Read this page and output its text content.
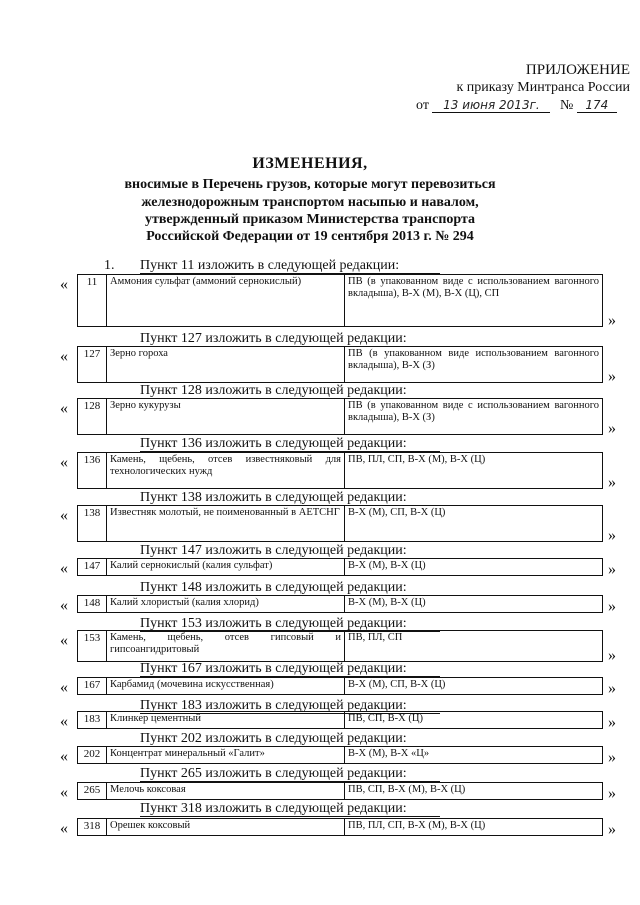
ПРИЛОЖЕНИЕ
к приказу Минтранса России
от 13 июня 2013г. № 174
ИЗМЕНЕНИЯ,
вносимые в Перечень грузов, которые могут перевозиться
железнодорожным транспортом насыпью и навалом,
утвержденный приказом Министерства транспорта
Российской Федерации от 19 сентября 2013 г. № 294
1. Пункт 11 изложить в следующей редакции:
« 11	Аммония сульфат (аммоний сернокислый)	ПВ (в упакованном виде с использованием вагонного вкладыша), В-Х (М), В-Х (Ц), СП
»
Пункт 127 изложить в следующей редакции:
« 127	Зерно гороха	ПВ (в упакованном виде использованием вагонного вкладыша), В-Х (З)
»
Пункт 128 изложить в следующей редакции:
« 128	Зерно кукурузы	ПВ (в упакованном виде с использованием вагонного вкладыша), В-Х (З)
»
Пункт 136 изложить в следующей редакции:
« 136	Камень, щебень, отсев известняковый для технологических нужд	ПВ, ПЛ, СП, В-Х (М), В-Х (Ц)
»
Пункт 138 изложить в следующей редакции:
« 138	Известняк молотый, не поименованный в АЕТСНГ	В-Х (М), СП, В-Х (Ц)
»
Пункт 147 изложить в следующей редакции:
« 147	Калий сернокислый (калия сульфат)	В-Х (М), В-Х (Ц)	»
Пункт 148 изложить в следующей редакции:
« 148	Калий хлористый (калия хлорид)	В-Х (М), В-Х (Ц)	»
Пункт 153 изложить в следующей редакции:
« 153	Камень, щебень, отсев гипсовый и гипсоангидритовый	ПВ, ПЛ, СП
»
Пункт 167 изложить в следующей редакции:
« 167	Карбамид (мочевина искусственная)	В-Х (М), СП, В-Х (Ц)	»
Пункт 183 изложить в следующей редакции:
« 183	Клинкер цементный	ПВ, СП, В-Х (Ц)	»
Пункт 202 изложить в следующей редакции:
« 202	Концентрат минеральный «Галит»	В-Х (М), В-Х «Ц»	»
Пункт 265 изложить в следующей редакции:
« 265	Мелочь коксовая	ПВ, СП, В-Х (М), В-Х (Ц)	»
Пункт 318 изложить в следующей редакции:
« 318	Орешек коксовый	ПВ, ПЛ, СП, В-Х (М), В-Х (Ц)	»
